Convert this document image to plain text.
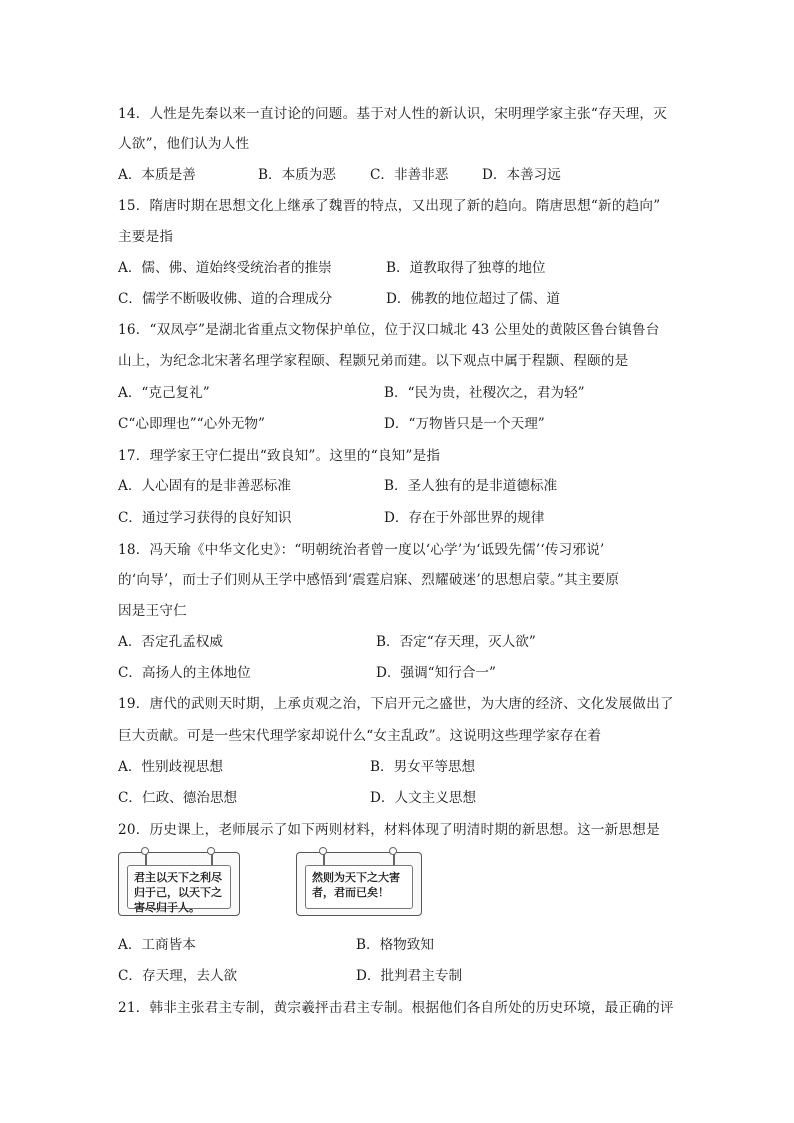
14．人性是先秦以来一直讨论的问题。基于对人性的新认识，宋明理学家主张“存天理，灭
人欲”，他们认为人性
A．本质是善	B．本质为恶	C．非善非恶 D．本善习远
15．隋唐时期在思想文化上继承了魏晋的特点，又出现了新的趋向。隋唐思想“新的趋向”
主要是指
A．儒、佛、道始终受统治者的推崇	B．道教取得了独尊的地位
C．儒学不断吸收佛、道的合理成分	D．佛教的地位超过了儒、道
16．“双凤亭”是湖北省重点文物保护单位，位于汉口城北 43 公里处的黄陂区鲁台镇鲁台
山上，为纪念北宋著名理学家程颐、程颢兄弟而建。以下观点中属于程颢、程颐的是
A．“克己复礼”	B．“民为贵，社稷次之，君为轻”
C“心即理也”“心外无物”	D．“万物皆只是一个天理”
17．理学家王守仁提出“致良知”。这里的“良知”是指
A．人心固有的是非善恶标准	B．圣人独有的是非道德标准
C．通过学习获得的良好知识	D．存在于外部世界的规律
18．冯天瑜《中华文化史》：“明朝统治者曾一度以‘心学’为‘诋毁先儒’‘传习邪说’
的‘向导’，而士子们则从王学中感悟到‘震霆启寐、烈耀破迷’的思想启蒙。”其主要原
因是王守仁
A．否定孔孟权威	B．否定“存天理，灭人欲”
C．高扬人的主体地位	D．强调“知行合一”
19．唐代的武则天时期，上承贞观之治，下启开元之盛世，为大唐的经济、文化发展做出了
巨大贡献。可是一些宋代理学家却说什么“女主乱政”。这说明这些理学家存在着
A．性别歧视思想	B．男女平等思想
C．仁政、德治思想	D．人文主义思想
20．历史课上，老师展示了如下两则材料，材料体现了明清时期的新思想。这一新思想是
君主以天下之利尽归于己，以天下之害尽归于人。
然则为天下之大害者，君而已矣！
A．工商皆本	B．格物致知
C．存天理，去人欲	D．批判君主专制
21．韩非主张君主专制，黄宗羲抨击君主专制。根据他们各自所处的历史环境，最正确的评
